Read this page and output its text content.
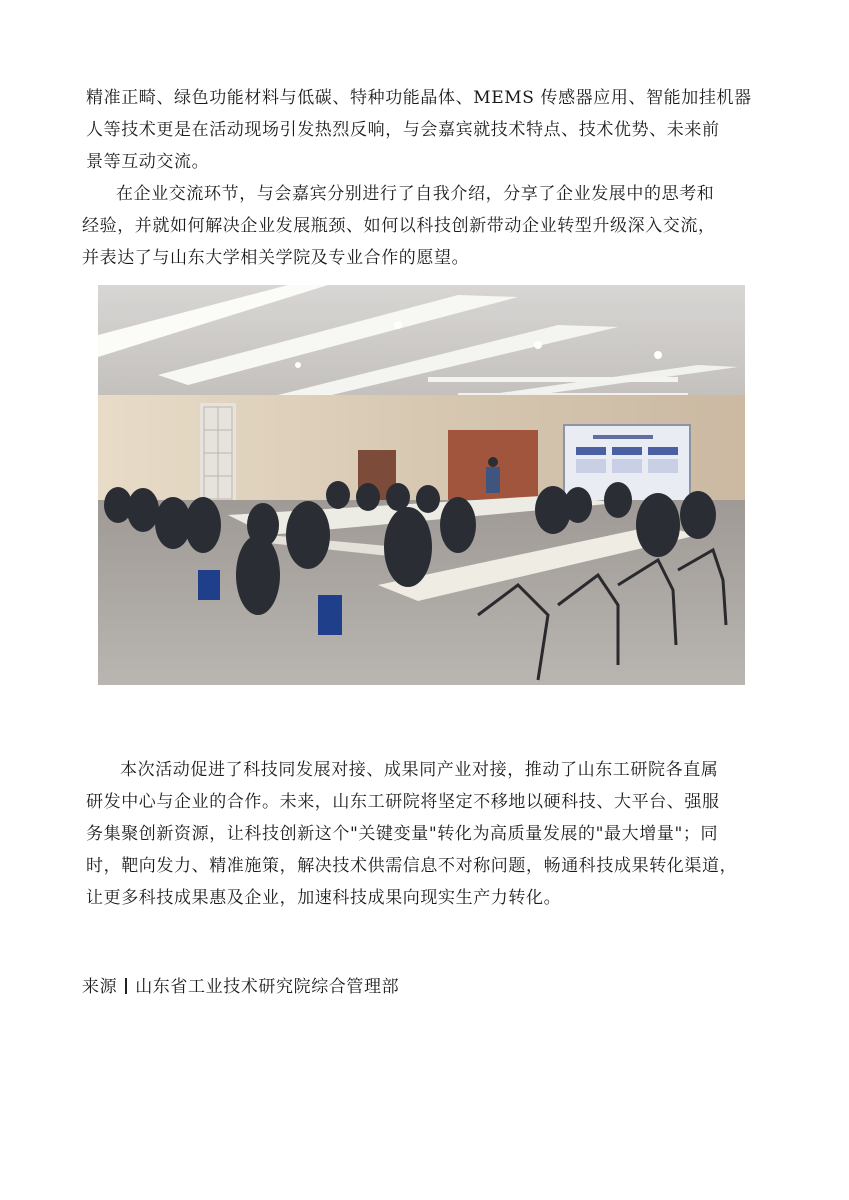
精准正畸、绿色功能材料与低碳、特种功能晶体、MEMS 传感器应用、智能加挂机器
人等技术更是在活动现场引发热烈反响，与会嘉宾就技术特点、技术优势、未来前
景等互动交流。
在企业交流环节，与会嘉宾分别进行了自我介绍，分享了企业发展中的思考和
经验，并就如何解决企业发展瓶颈、如何以科技创新带动企业转型升级深入交流，
并表达了与山东大学相关学院及专业合作的愿望。
本次活动促进了科技同发展对接、成果同产业对接，推动了山东工研院各直属
研发中心与企业的合作。未来，山东工研院将坚定不移地以硬科技、大平台、强服
务集聚创新资源，让科技创新这个"关键变量"转化为高质量发展的"最大增量"；同
时，靶向发力、精准施策，解决技术供需信息不对称问题，畅通科技成果转化渠道，
让更多科技成果惠及企业，加速科技成果向现实生产力转化。
来源 山东省工业技术研究院综合管理部
